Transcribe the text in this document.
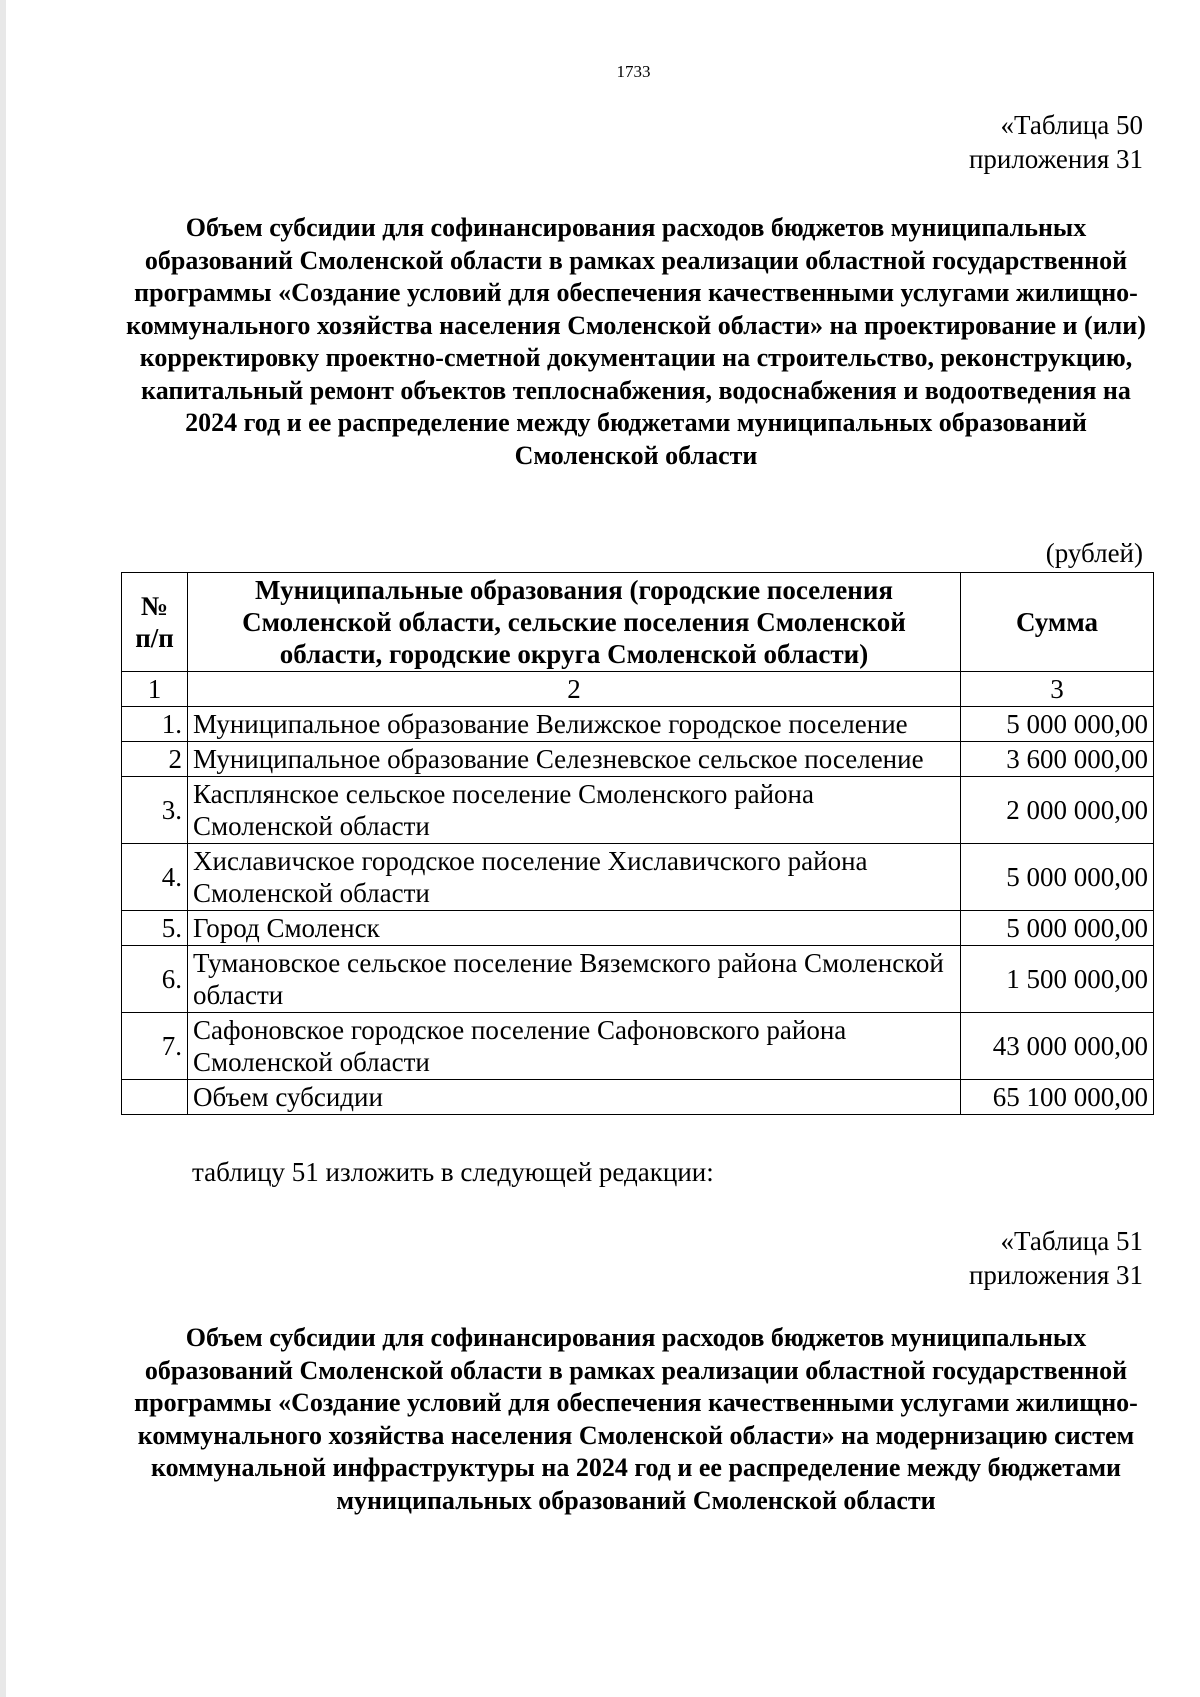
1733
«Таблица 50
приложения 31
Объем субсидии для софинансирования расходов бюджетов муниципальных образований Смоленской области в рамках реализации областной государственной программы «Создание условий для обеспечения качественными услугами жилищно-коммунального хозяйства населения Смоленской области» на проектирование и (или) корректировку проектно-сметной документации на строительство, реконструкцию, капитальный ремонт объектов теплоснабжения, водоснабжения и водоотведения на 2024 год и ее распределение между бюджетами муниципальных образований Смоленской области
(рублей)
№ п/п	Муниципальные образования (городские поселения Смоленской области, сельские поселения Смоленской области, городские округа Смоленской области)	Сумма
1	2	3
1.	Муниципальное образование Велижское городское поселение	5 000 000,00
2	Муниципальное образование Селезневское сельское поселение	3 600 000,00
3.	Касплянское сельское поселение Смоленского района Смоленской области	2 000 000,00
4.	Хиславичское городское поселение Хиславичского района Смоленской области	5 000 000,00
5.	Город Смоленск	5 000 000,00
6.	Тумановское сельское поселение Вяземского района Смоленской области	1 500 000,00
7.	Сафоновское городское поселение Сафоновского района Смоленской области	43 000 000,00
	Объем субсидии	65 100 000,00
таблицу 51 изложить в следующей редакции:
«Таблица 51
приложения 31
Объем субсидии для софинансирования расходов бюджетов муниципальных образований Смоленской области в рамках реализации областной государственной программы «Создание условий для обеспечения качественными услугами жилищно-коммунального хозяйства населения Смоленской области» на модернизацию систем коммунальной инфраструктуры на 2024 год и ее распределение между бюджетами муниципальных образований Смоленской области
